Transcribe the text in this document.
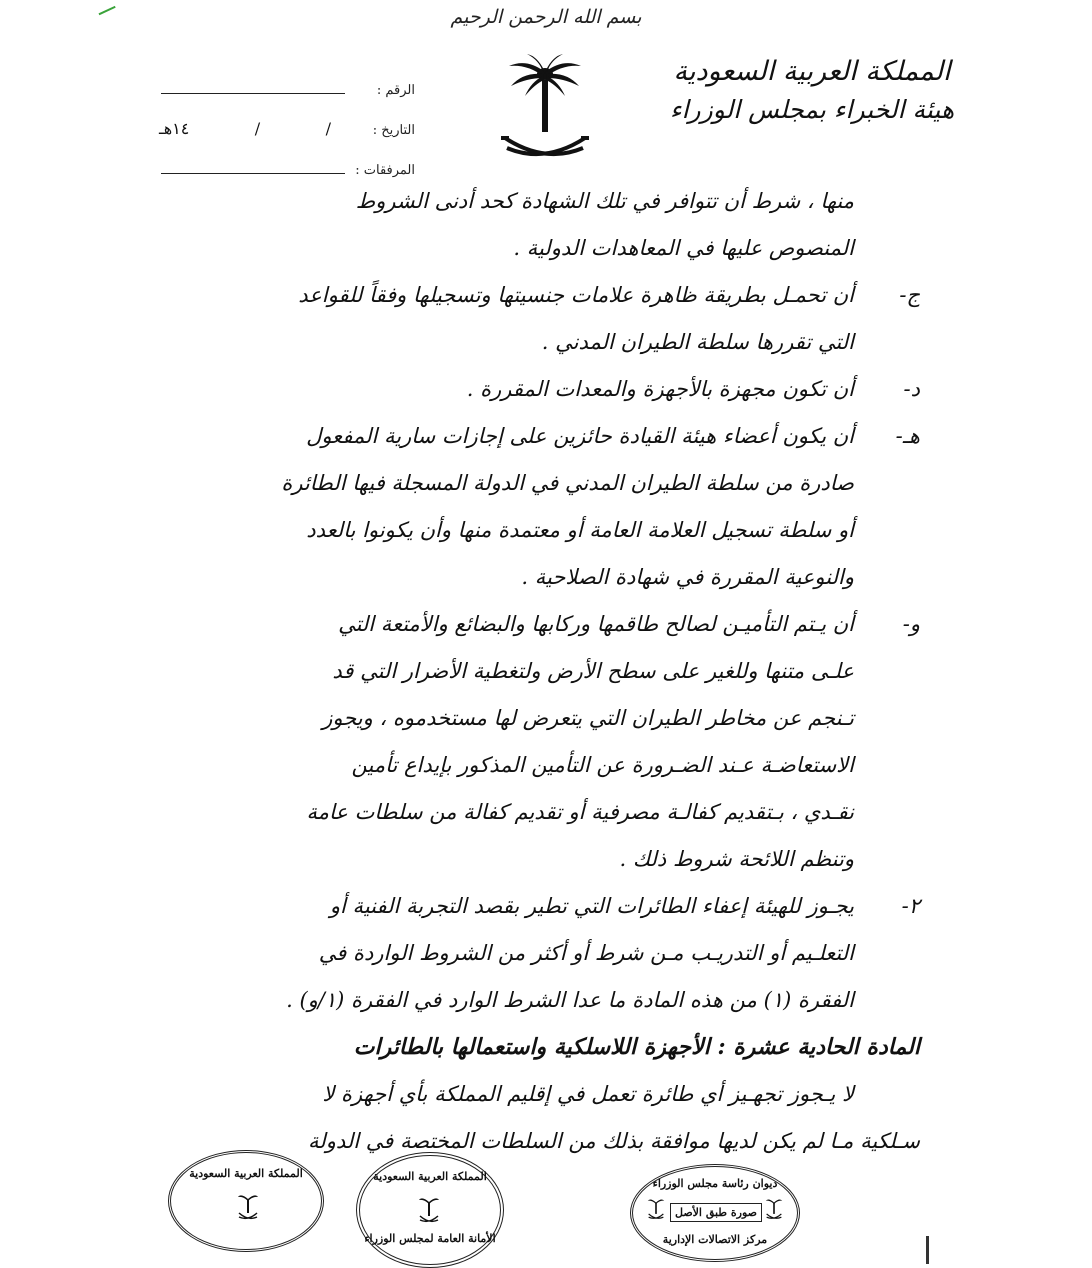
بسم الله الرحمن الرحيم
المملكة العربية السعودية
هيئة الخبراء بمجلس الوزراء
الرقم :
التاريخ :
/
/
١٤هـ
المرفقات :
منها ، شرط أن تتوافر في تلك الشهادة كحد أدنى الشروط
المنصوص عليها في المعاهدات الدولية .
ج-
أن تحمـل بطريقة ظاهرة علامات جنسيتها وتسجيلها وفقاً للقواعد
التي تقررها سلطة الطيران المدني .
د-
أن تكون مجهزة بالأجهزة والمعدات المقررة .
هـ-
أن يكون أعضاء هيئة القيادة حائزين على إجازات سارية المفعول
صادرة من سلطة الطيران المدني في الدولة المسجلة فيها الطائرة
أو سلطة تسجيل العلامة العامة أو معتمدة منها وأن يكونوا بالعدد
والنوعية المقررة في شهادة الصلاحية .
و-
أن يـتم التأميـن لصالح طاقمها وركابها والبضائع والأمتعة التي
علـى متنها وللغير على سطح الأرض ولتغطية الأضرار التي قد
تـنجم عن مخاطر الطيران التي يتعرض لها مستخدموه ، ويجوز
الاستعاضـة عـند الضـرورة عن التأمين المذكور بإيداع تأمين
نقـدي ، بـتقديم كفالـة مصرفية أو تقديم كفالة من سلطات عامة
وتنظم اللائحة شروط ذلك .
٢-
يجـوز للهيئة إعفاء الطائرات التي تطير بقصد التجربة الفنية أو
التعلـيم أو التدريـب مـن شرط أو أكثر من الشروط الواردة في
الفقرة (١) من هذه المادة ما عدا الشرط الوارد في الفقرة (١/و) .
المادة الحادية عشرة : الأجهزة اللاسلكية واستعمالها بالطائرات
لا يـجوز تجهـيز أي طائرة تعمل في إقليم المملكة بأي أجهزة لا
سـلكية مـا لم يكن لديها موافقة بذلك من السلطات المختصة في الدولة
المملكة العربية السعودية	المملكة العربية السعودية
الأمانة العامة لمجلس الوزراء
ديوان رئاسة مجلس الوزراء
صورة طبق الأصل
مركز الاتصالات الإدارية
